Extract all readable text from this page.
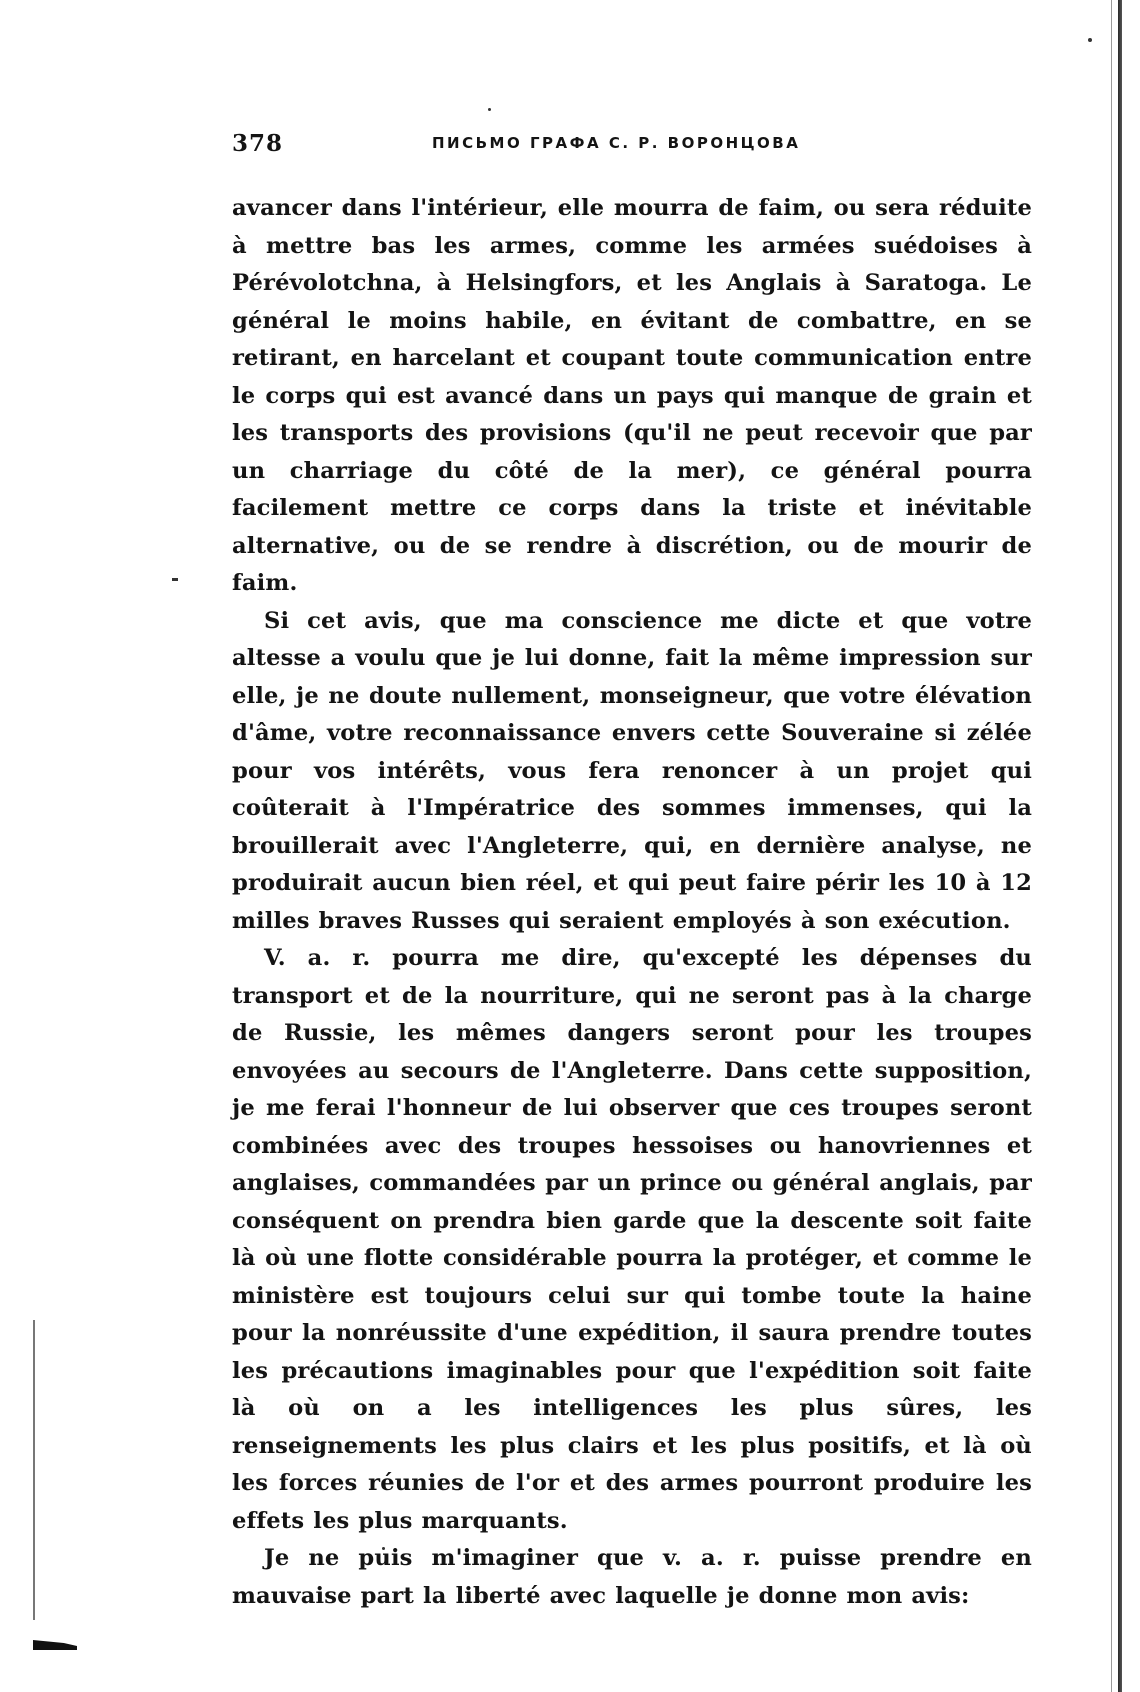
378	ПИСЬМО ГРАФА С. Р. ВОРОНЦОВА

avancer dans l'intérieur, elle mourra de faim, ou sera réduite à mettre bas les armes, comme les armées suédoises à Pérévolotchna, à Helsingfors, et les Anglais à Saratoga. Le général le moins habile, en évitant de combattre, en se retirant, en harcelant et coupant toute communication entre le corps qui est avancé dans un pays qui manque de grain et les transports des provisions (qu'il ne peut recevoir que par un charriage du côté de la mer), ce général pourra facilement mettre ce corps dans la triste et inévitable alternative, ou de se rendre à discrétion, ou de mourir de faim.

Si cet avis, que ma conscience me dicte et que votre altesse a voulu que je lui donne, fait la même impression sur elle, je ne doute nullement, monseigneur, que votre élévation d'âme, votre reconnaissance envers cette Souveraine si zélée pour vos intérêts, vous fera renoncer à un projet qui coûterait à l'Impératrice des sommes immenses, qui la brouillerait avec l'Angleterre, qui, en dernière analyse, ne produirait aucun bien réel, et qui peut faire périr les 10 à 12 milles braves Russes qui seraient employés à son exécution.

V. a. r. pourra me dire, qu'excepté les dépenses du transport et de la nourriture, qui ne seront pas à la charge de Russie, les mêmes dangers seront pour les troupes envoyées au secours de l'Angleterre. Dans cette supposition, je me ferai l'honneur de lui observer que ces troupes seront combinées avec des troupes hessoises ou hanovriennes et anglaises, commandées par un prince ou général anglais, par conséquent on prendra bien garde que la descente soit faite là où une flotte considérable pourra la protéger, et comme le ministère est toujours celui sur qui tombe toute la haine pour la nonréussite d'une expédition, il saura prendre toutes les précautions imaginables pour que l'expédition soit faite là où on a les intelligences les plus sûres, les renseignements les plus clairs et les plus positifs, et là où les forces réunies de l'or et des armes pourront produire les effets les plus marquants.

Je ne puis m'imaginer que v. a. r. puisse prendre en mauvaise part la liberté avec laquelle je donne mon avis:
